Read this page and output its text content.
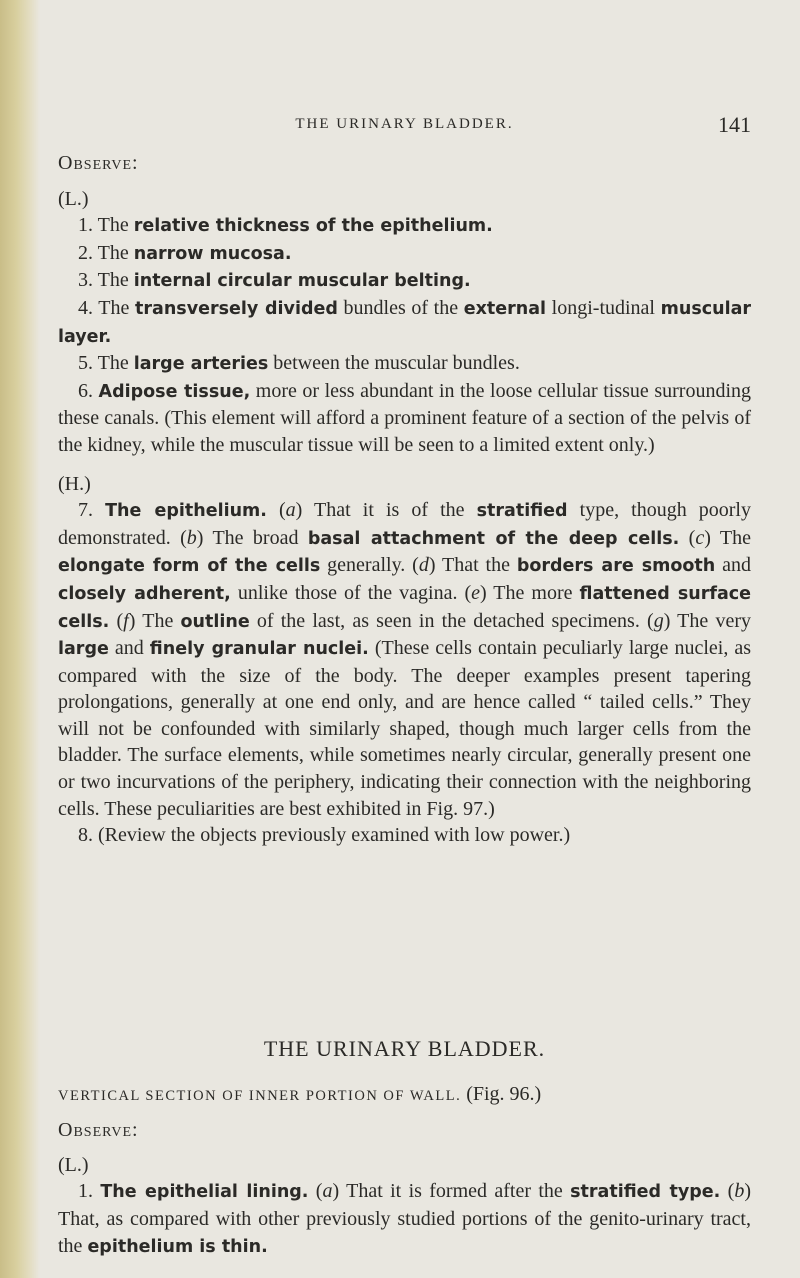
THE URINARY BLADDER.	141

Observe:

(L.)

1. The relative thickness of the epithelium.

2. The narrow mucosa.

3. The internal circular muscular belting.

4. The transversely divided bundles of the external longi-tudinal muscular layer.

5. The large arteries between the muscular bundles.

6. Adipose tissue, more or less abundant in the loose cellular tissue surrounding these canals. (This element will afford a prominent feature of a section of the pelvis of the kidney, while the muscular tissue will be seen to a limited extent only.)

(H.)

7. The epithelium. (a) That it is of the stratified type, though poorly demonstrated. (b) The broad basal attachment of the deep cells. (c) The elongate form of the cells generally. (d) That the borders are smooth and closely adherent, unlike those of the vagina. (e) The more flattened surface cells. (f) The outline of the last, as seen in the detached specimens. (g) The very large and finely granular nuclei. (These cells contain peculiarly large nuclei, as compared with the size of the body. The deeper examples present tapering prolongations, generally at one end only, and are hence called “ tailed cells.” They will not be confounded with similarly shaped, though much larger cells from the bladder. The surface elements, while sometimes nearly circular, generally present one or two incurvations of the periphery, indicating their connection with the neighboring cells. These peculiarities are best exhibited in Fig. 97.)

8. (Review the objects previously examined with low power.)

THE URINARY BLADDER.

VERTICAL SECTION OF INNER PORTION OF WALL. (Fig. 96.)

Observe:

(L.)

1. The epithelial lining. (a) That it is formed after the stratified type. (b) That, as compared with other previously studied portions of the genito-urinary tract, the epithelium is thin.
